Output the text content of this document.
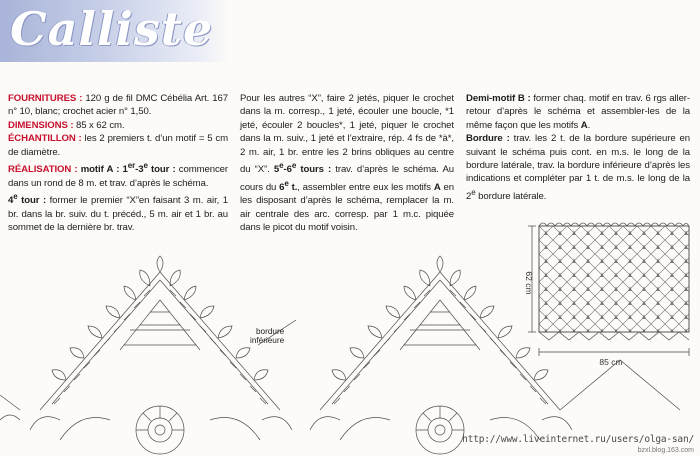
Calliste

FOURNITURES : 120 g de fil DMC Cébélia Art. 167 n° 10, blanc; crochet acier n° 1,50.

DIMENSIONS : 85 x 62 cm.

ÉCHANTILLON : les 2 premiers t. d’un motif = 5 cm de diamètre.

RÉALISATION : motif A : 1er-3e tour : commencer dans un rond de 8 m. et trav. d’après le schéma.

4e tour : former le premier “X”en faisant 3 m. air, 1 br. dans la br. suiv. du t. précéd., 5 m. air et 1 br. au sommet de la dernière br. trav.

Pour les autres “X”, faire 2 jetés, piquer le crochet dans la m. corresp., 1 jeté, écouler une boucle, *1 jeté, écouler 2 boucles*, 1 jeté, piquer le crochet dans la m. suiv., 1 jeté et l’extraire, rép. 4 fs de *à*, 2 m. air, 1 br. entre les 2 brins obliques au centre du “X”. 5e-6e tours : trav. d’après le schéma. Au cours du 6e t., assembler entre eux les motifs A en les disposant d’après le schéma, remplacer la m. air centrale des arc. corresp. par 1 m.c. piquée dans le picot du motif voisin.

Demi-motif B : former chaq. motif en trav. 6 rgs aller-retour d’après le schéma et assembler-les de la même façon que les motifs A.

Bordure : trav. les 2 t. de la bordure supérieure en suivant le schéma puis cont. en m.s. le long de la bordure latérale, trav. la bordure inférieure d’après les indications et compléter par 1 t. de m.s. le long de la 2e bordure latérale.

62 cm
85 cm
bordure
inférieure
http://www.liveinternet.ru/users/olga-san/
bzxl.blog.163.com
